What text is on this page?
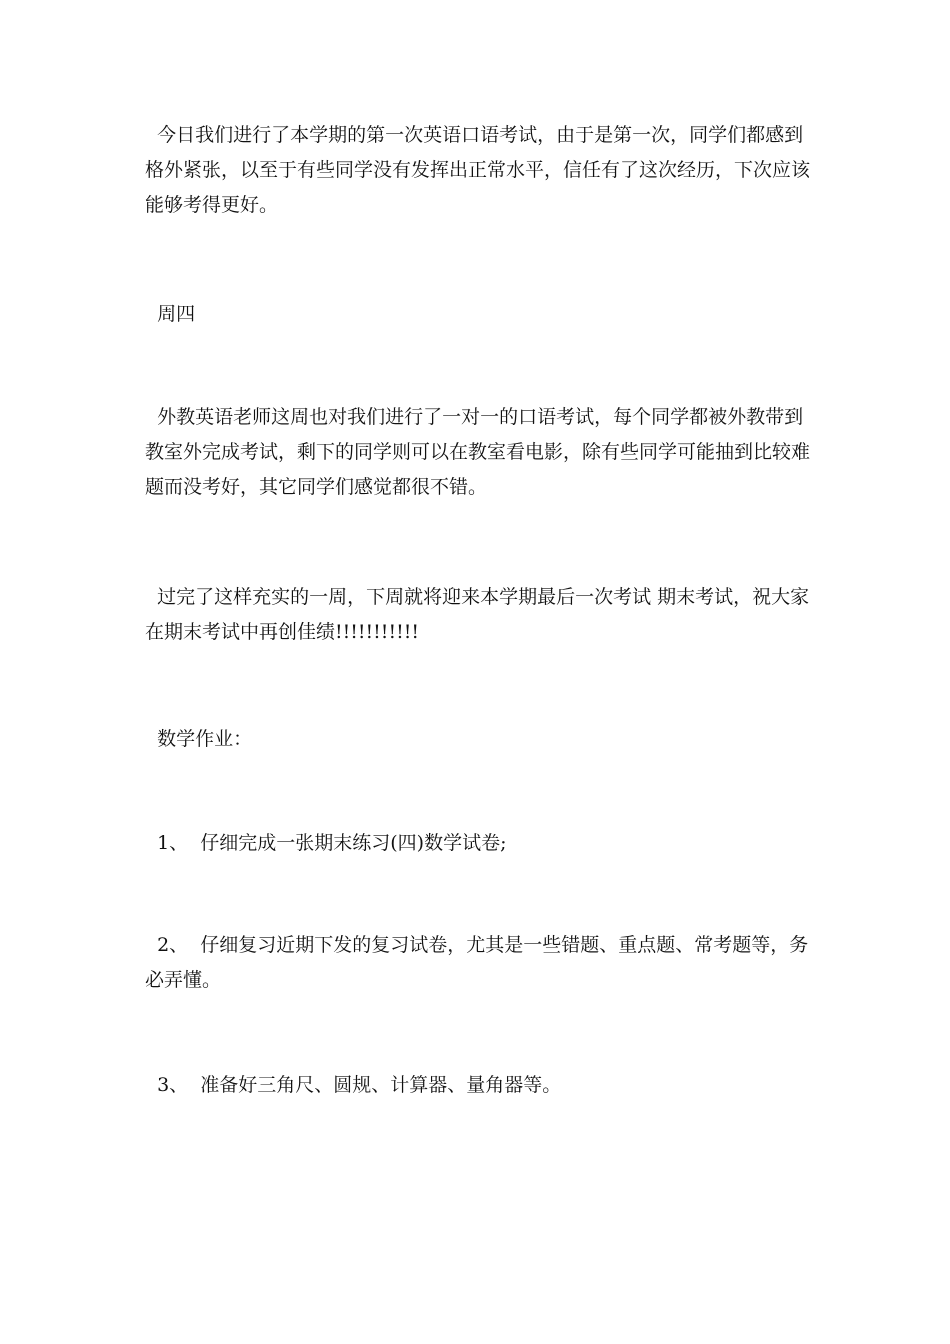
今日我们进行了本学期的第一次英语口语考试，由于是第一次，同学们都感到格外紧张，以至于有些同学没有发挥出正常水平，信任有了这次经历，下次应该能够考得更好。

周四

外教英语老师这周也对我们进行了一对一的口语考试，每个同学都被外教带到教室外完成考试，剩下的同学则可以在教室看电影，除有些同学可能抽到比较难题而没考好，其它同学们感觉都很不错。

过完了这样充实的一周，下周就将迎来本学期最后一次考试 期末考试，祝大家在期末考试中再创佳绩!!!!!!!!!!!

数学作业：

1、  仔细完成一张期末练习(四)数学试卷;

2、  仔细复习近期下发的复习试卷，尤其是一些错题、重点题、常考题等，务必弄懂。

3、  准备好三角尺、圆规、计算器、量角器等。
